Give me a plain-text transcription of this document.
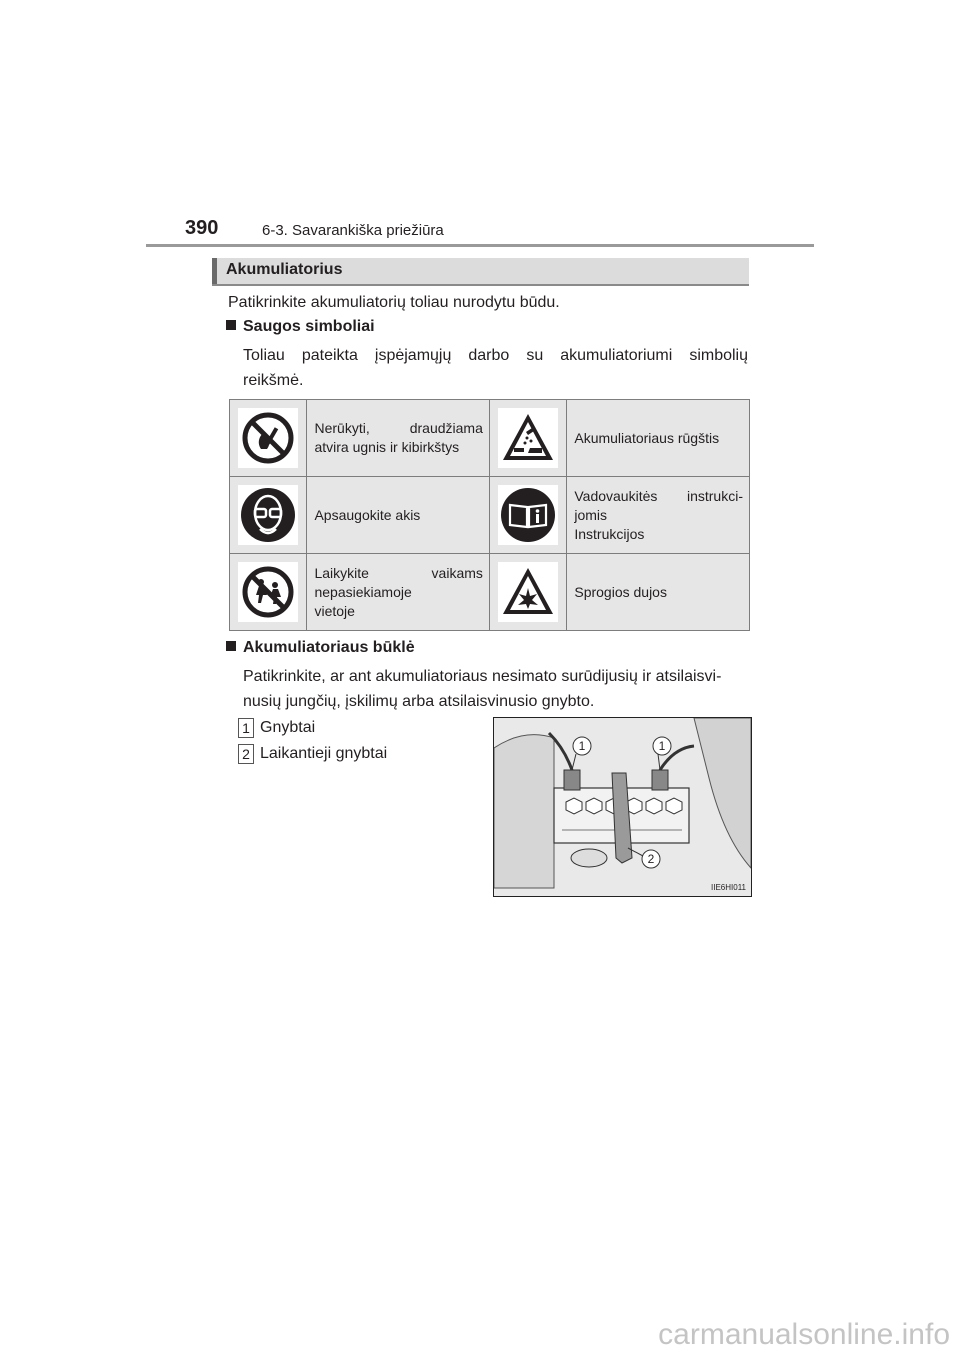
390	6-3. Savarankiška priežiūra
Akumuliatorius
Patikrinkite akumuliatorių toliau nurodytu būdu.
Saugos simboliai
Toliau pateikta įspėjamųjų darbo su akumuliatoriumi simbolių
reikšmė.

Nerūkyti, draudžiama
atvira ugnis ir kibirkštys		Akumuliatoriaus rūgštis

	Apsaugokite akis		Vadovaukitės instrukci-
jomis
Instrukcijos

Laikykite vaikams
nepasiekiamoje
vietoje		Sprogios dujos
Akumuliatoriaus būklė
Patikrinkite, ar ant akumuliatoriaus nesimato surūdijusių ir atsilaisvi-
nusių jungčių, įskilimų arba atsilaisvinusio gnybto.
1 Gnybtai
2 Laikantieji gnybtai	1	1
2
IIE6HI011
carmanualsonline.info
